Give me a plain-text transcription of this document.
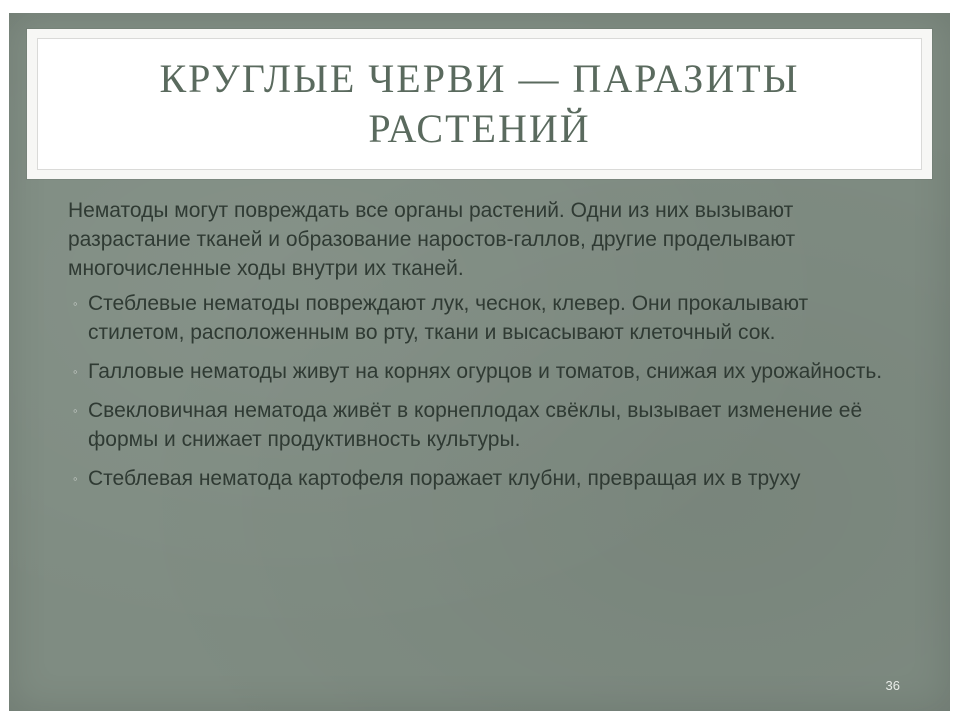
КРУГЛЫЕ ЧЕРВИ — ПАРАЗИТЫ
РАСТЕНИЙ

Нематоды могут повреждать все органы растений. Одни из них вызывают разрастание тканей и образование наростов-галлов, другие проделывают многочисленные ходы внутри их тканей.

◦ Стеблевые нематоды повреждают лук, чеснок, клевер. Они прокалывают стилетом, расположенным во рту, ткани и высасывают клеточный сок.
◦ Галловые нематоды живут на корнях огурцов и томатов, снижая их урожайность.
◦ Свекловичная нематода живёт в корнеплодах свёклы, вызывает изменение её формы и снижает продуктивность культуры.
◦ Стеблевая нематода картофеля поражает клубни, превращая их в труху
36
